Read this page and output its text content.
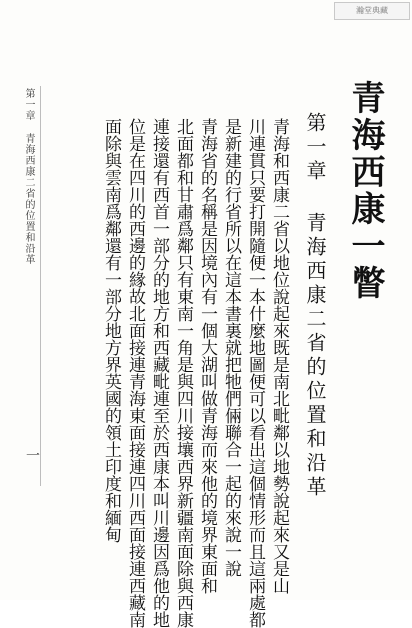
瀚堂典藏
青海西康一瞥
第一章 青海西康二省的位置和沿革
青海和西康二省以地位說起來既是南北毗鄰以地勢說起來又是山
川連貫只要打開隨便一本什麼地圖便可以看出這個情形而且這兩處都
是新建的行省所以在這本書裏就把牠們倆聯合一起的來說一說
青海省的名稱是因境內有一個大湖叫做青海而來他的境界東面和
北面都和甘肅爲鄰只有東南一角是與四川接壤西界新疆南面除與西康
連接還有西首一部分的地方和西藏毗連至於西康本叫川邊因爲他的地
位是在四川的西邊的緣故北面接連青海東面接連四川西面接連西藏南
面除與雲南爲鄰還有一部分地方界英國的領土印度和緬甸
第一章 青海西康二省的位置和沿革
一
